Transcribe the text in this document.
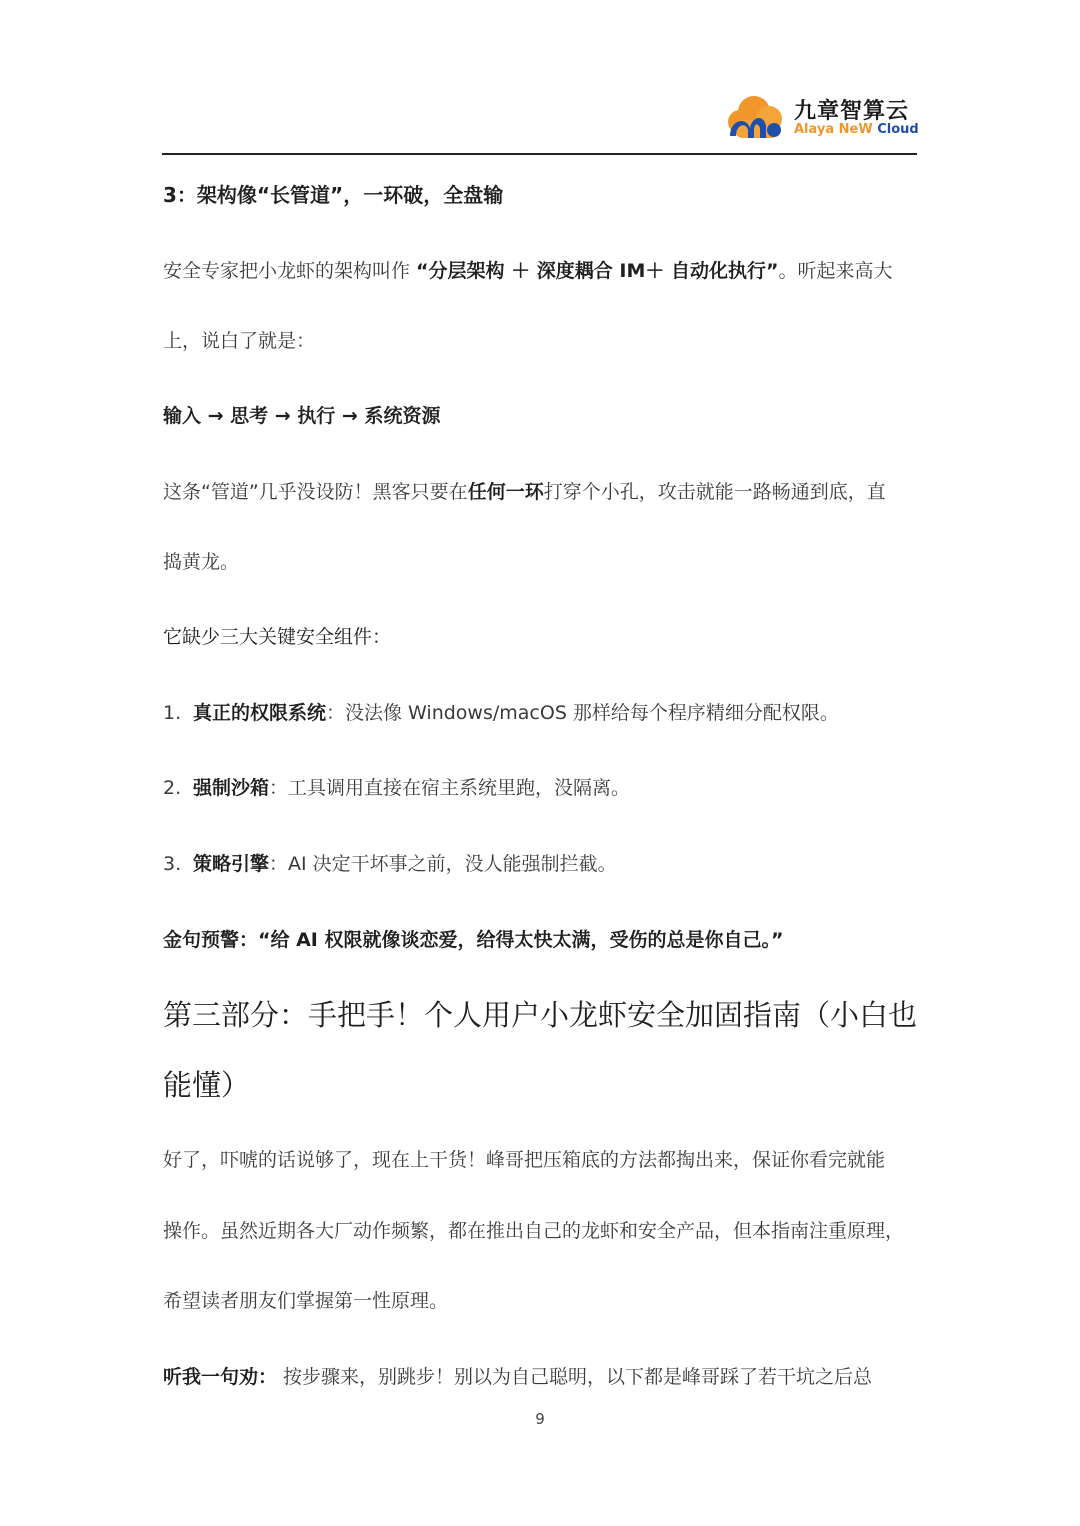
九章智算云
Alaya NeW Cloud
3：架构像“长管道”，一环破，全盘输
安全专家把小龙虾的架构叫作 “分层架构 ＋ 深度耦合 IM＋ 自动化执行”。听起来高大
上，说白了就是：
输入 → 思考 → 执行 → 系统资源
这条“管道”几乎没设防！黑客只要在任何一环打穿个小孔，攻击就能一路畅通到底，直
捣黄龙。
它缺少三大关键安全组件：
1. 真正的权限系统：没法像 Windows/macOS 那样给每个程序精细分配权限。
2. 强制沙箱：工具调用直接在宿主系统里跑，没隔离。
3. 策略引擎：AI 决定干坏事之前，没人能强制拦截。
金句预警：“给 AI 权限就像谈恋爱，给得太快太满，受伤的总是你自己。”
第三部分：手把手！个人用户小龙虾安全加固指南（小白也
能懂）
好了，吓唬的话说够了，现在上干货！峰哥把压箱底的方法都掏出来，保证你看完就能
操作。虽然近期各大厂动作频繁，都在推出自己的龙虾和安全产品，但本指南注重原理，
希望读者朋友们掌握第一性原理。
听我一句劝： 按步骤来，别跳步！别以为自己聪明，以下都是峰哥踩了若干坑之后总
9
